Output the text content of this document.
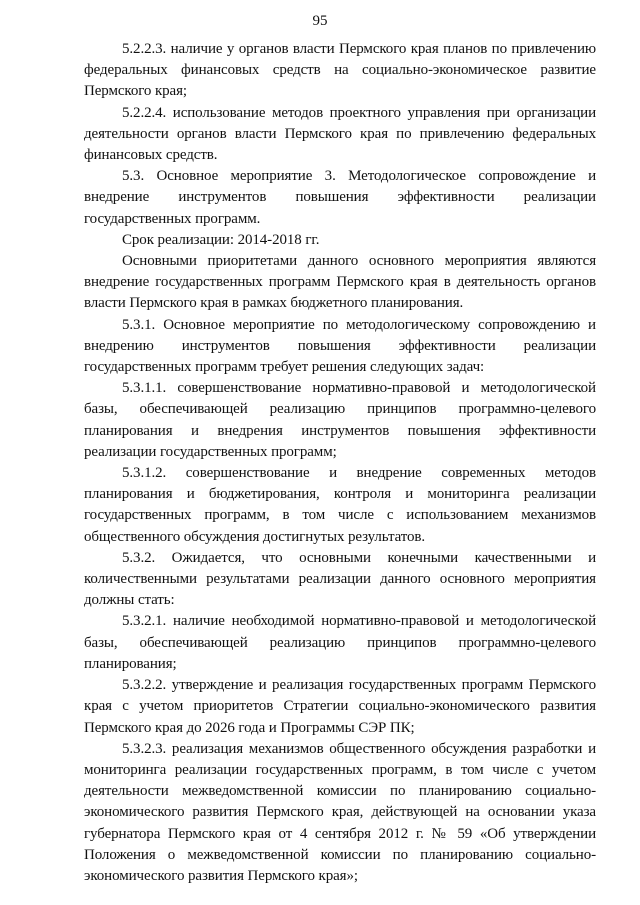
95

5.2.2.3. наличие у органов власти Пермского края планов по привлечению федеральных финансовых средств на социально-экономическое развитие Пермского края;

5.2.2.4. использование методов проектного управления при организации деятельности органов власти Пермского края по привлечению федеральных финансовых средств.

5.3. Основное мероприятие 3. Методологическое сопровождение и внедрение инструментов повышения эффективности реализации государственных программ.

Срок реализации: 2014-2018 гг.

Основными приоритетами данного основного мероприятия являются внедрение государственных программ Пермского края в деятельность органов власти Пермского края в рамках бюджетного планирования.

5.3.1. Основное мероприятие по методологическому сопровождению и внедрению инструментов повышения эффективности реализации государственных программ требует решения следующих задач:

5.3.1.1. совершенствование нормативно-правовой и методологической базы, обеспечивающей реализацию принципов программно-целевого планирования и внедрения инструментов повышения эффективности реализации государственных программ;

5.3.1.2. совершенствование и внедрение современных методов планирования и бюджетирования, контроля и мониторинга реализации государственных программ, в том числе с использованием механизмов общественного обсуждения достигнутых результатов.

5.3.2. Ожидается, что основными конечными качественными и количественными результатами реализации данного основного мероприятия должны стать:

5.3.2.1. наличие необходимой нормативно-правовой и методологической базы, обеспечивающей реализацию принципов программно-целевого планирования;

5.3.2.2. утверждение и реализация государственных программ Пермского края с учетом приоритетов Стратегии социально-экономического развития Пермского края до 2026 года и Программы СЭР ПК;

5.3.2.3. реализация механизмов общественного обсуждения разработки и мониторинга реализации государственных программ, в том числе с учетом деятельности межведомственной комиссии по планированию социально-экономического развития Пермского края, действующей на основании указа губернатора Пермского края от 4 сентября 2012 г. № 59 «Об утверждении Положения о межведомственной комиссии по планированию социально-экономического развития Пермского края»;
